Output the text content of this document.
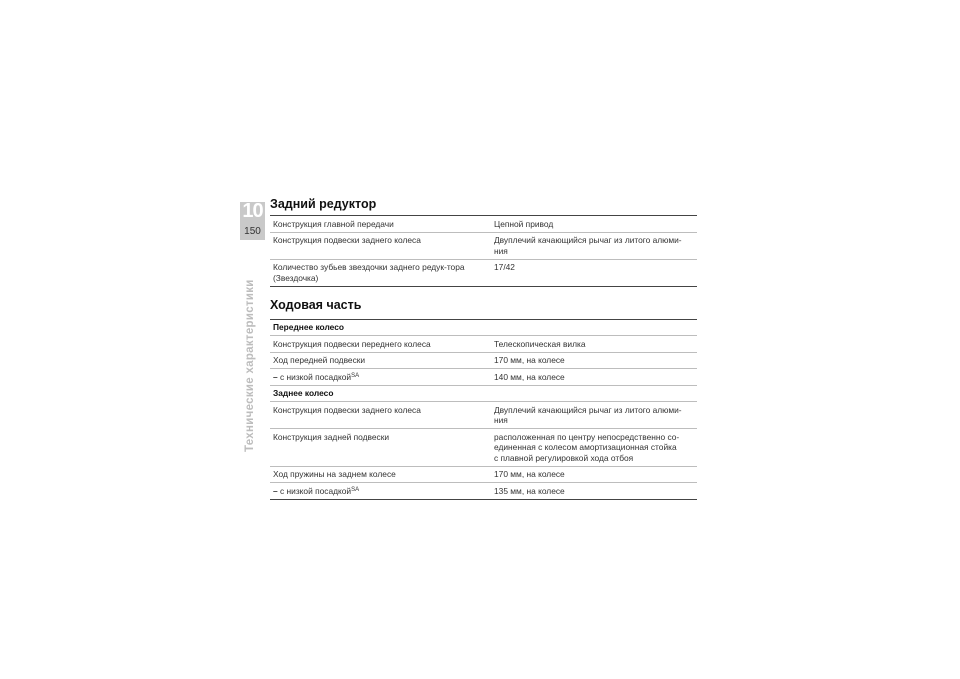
10
150
Технические характеристики
Задний редуктор
Конструкция главной передачи	Цепной привод

Конструкция подвески заднего колеса	Двуплечий качающийся рычаг из литого алюми-
ния

Количество зубьев звездочки заднего редук-тора (Звездочка)	17/42
Ходовая часть
Переднее колесо	
Конструкция подвески переднего колеса	Телескопическая вилка

Ход передней подвески	170 мм, на колесе

– с низкой посадкой$^{SA}$	140 мм, на колесе

Заднее колесо	
Конструкция подвески заднего колеса	Двуплечий качающийся рычаг из литого алюми-
ния

Конструкция задней подвески	расположенная по центру непосредственно со-
единенная с колесом амортизационная стойка
с плавной регулировкой хода отбоя

Ход пружины на заднем колесе	170 мм, на колесе

– с низкой посадкой$^{SA}$	135 мм, на колесе
